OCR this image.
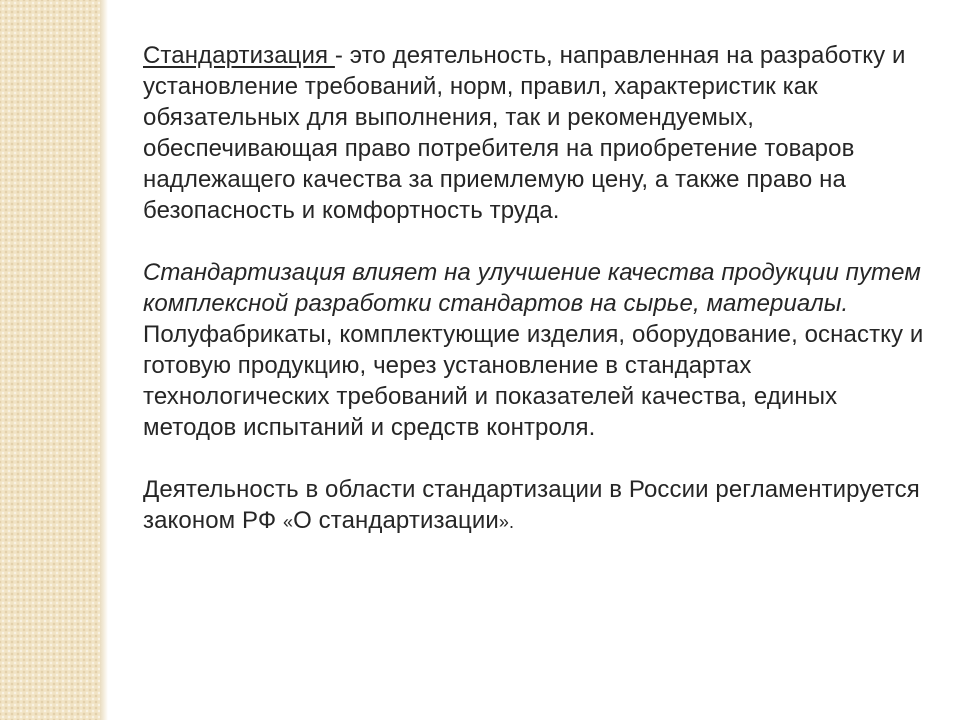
Стандартизация - это деятельность, направленная на разработку и установление требований, норм, правил, характеристик как обязательных для выполнения, так и рекомендуемых, обеспечивающая право потребителя на приобретение товаров надлежащего качества за приемлемую цену, а также право на безопасность и комфортность труда.

Стандартизация влияет на улучшение качества продукции путем комплексной разработки стандартов на сырье, материалы. Полуфабрикаты, комплектующие изделия, оборудование, оснастку и готовую продукцию, через установление в стандартах технологических требований и показателей качества, единых методов испытаний и средств контроля.

Деятельность в области стандартизации в России регламентируется законом РФ «О стандартизации».
